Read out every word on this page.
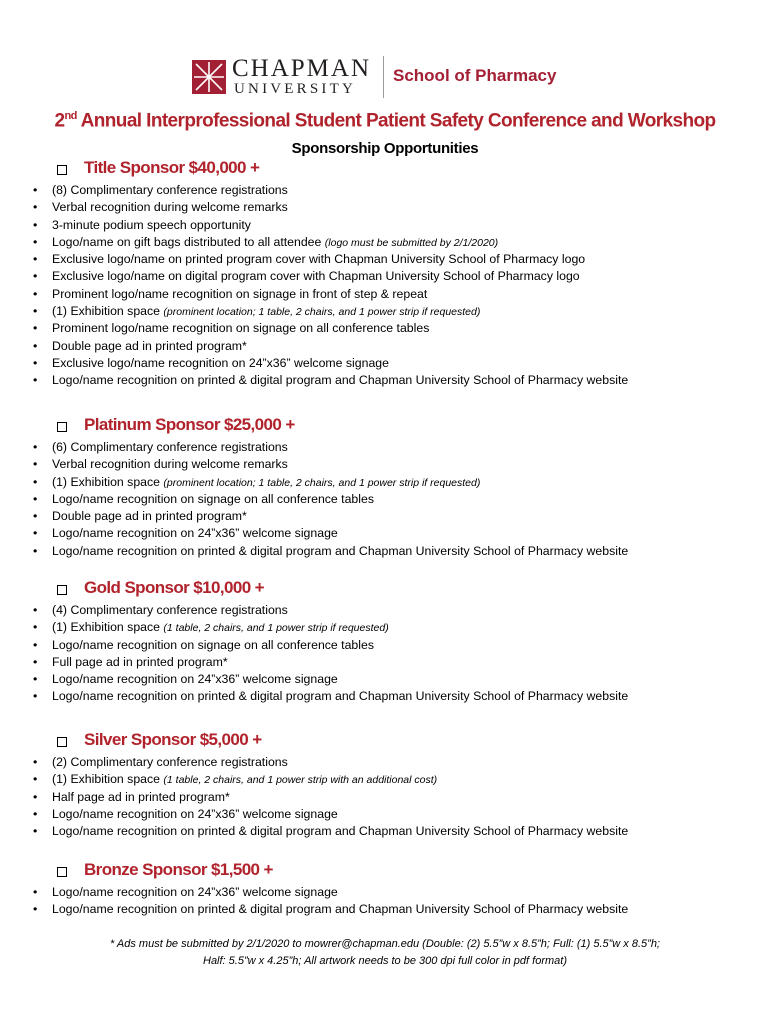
CHAPMAN
UNIVERSITY
School of Pharmacy
2nd Annual Interprofessional Student Patient Safety Conference and Workshop
Sponsorship Opportunities
Title Sponsor $40,000 +
• (8) Complimentary conference registrations
• Verbal recognition during welcome remarks
• 3-minute podium speech opportunity
• Logo/name on gift bags distributed to all attendee (logo must be submitted by 2/1/2020)
• Exclusive logo/name on printed program cover with Chapman University School of Pharmacy logo
• Exclusive logo/name on digital program cover with Chapman University School of Pharmacy logo
• Prominent logo/name recognition on signage in front of step & repeat
• (1) Exhibition space (prominent location; 1 table, 2 chairs, and 1 power strip if requested)
• Prominent logo/name recognition on signage on all conference tables
• Double page ad in printed program*
• Exclusive logo/name recognition on 24”x36” welcome signage
• Logo/name recognition on printed & digital program and Chapman University School of Pharmacy website
Platinum Sponsor $25,000 +
• (6) Complimentary conference registrations
• Verbal recognition during welcome remarks
• (1) Exhibition space (prominent location; 1 table, 2 chairs, and 1 power strip if requested)
• Logo/name recognition on signage on all conference tables
• Double page ad in printed program*
• Logo/name recognition on 24”x36” welcome signage
• Logo/name recognition on printed & digital program and Chapman University School of Pharmacy website
Gold Sponsor $10,000 +
• (4) Complimentary conference registrations
• (1) Exhibition space (1 table, 2 chairs, and 1 power strip if requested)
• Logo/name recognition on signage on all conference tables
• Full page ad in printed program*
• Logo/name recognition on 24”x36” welcome signage
• Logo/name recognition on printed & digital program and Chapman University School of Pharmacy website
Silver Sponsor $5,000 +
• (2) Complimentary conference registrations
• (1) Exhibition space (1 table, 2 chairs, and 1 power strip with an additional cost)
• Half page ad in printed program*
• Logo/name recognition on 24”x36” welcome signage
• Logo/name recognition on printed & digital program and Chapman University School of Pharmacy website
Bronze Sponsor $1,500 +
• Logo/name recognition on 24”x36” welcome signage
• Logo/name recognition on printed & digital program and Chapman University School of Pharmacy website
* Ads must be submitted by 2/1/2020 to mowrer@chapman.edu (Double: (2) 5.5”w x 8.5”h; Full: (1) 5.5”w x 8.5”h;
Half: 5.5”w x 4.25”h; All artwork needs to be 300 dpi full color in pdf format)
